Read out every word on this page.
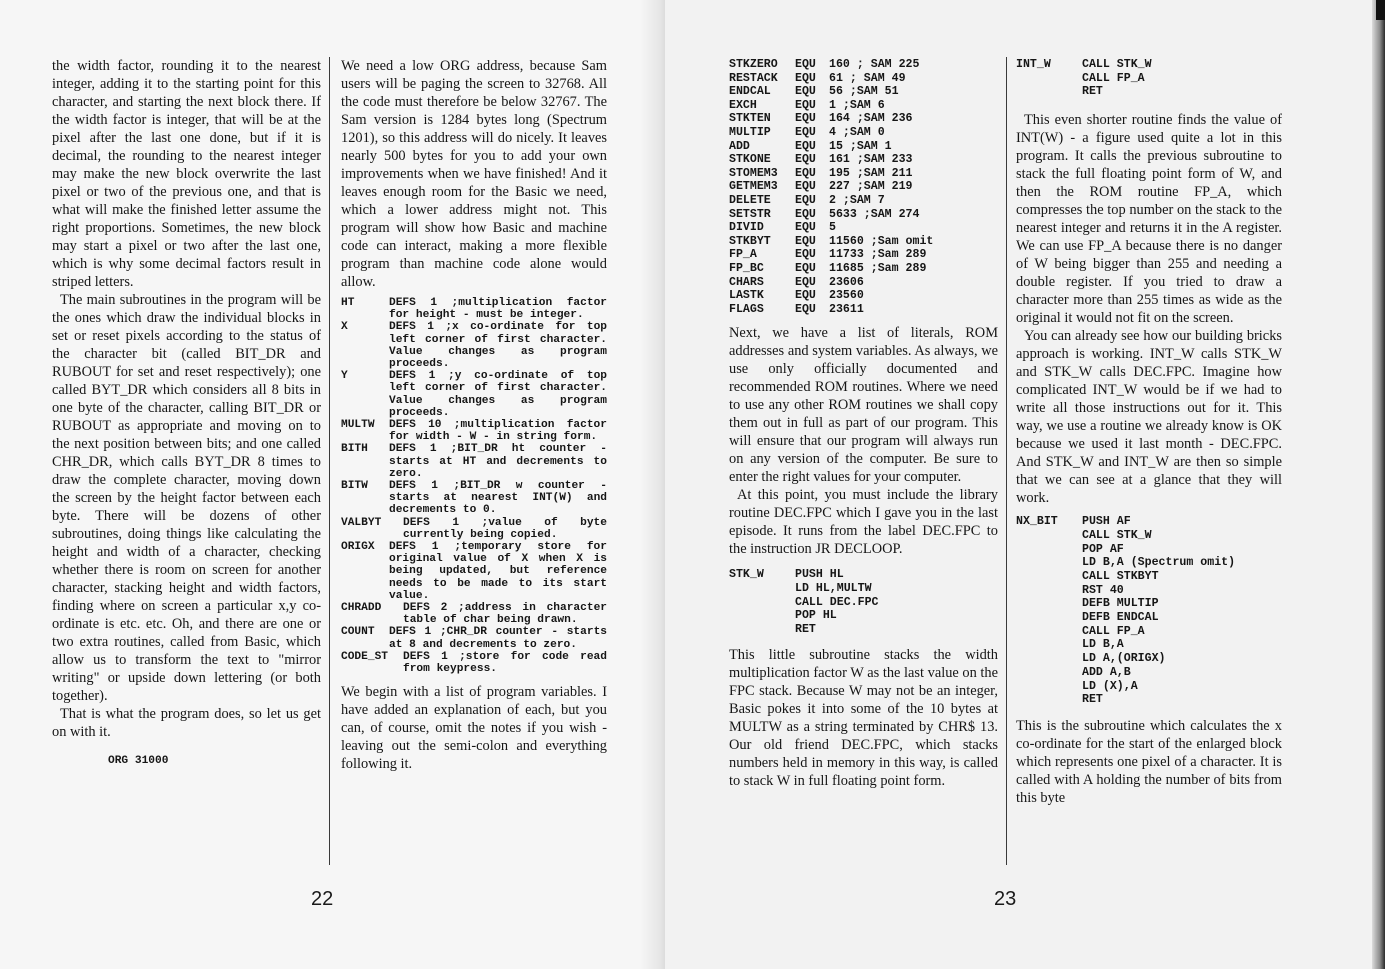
the width factor, rounding it to the nearest integer, adding it to the starting point for this character, and starting the next block there. If the width factor is integer, that will be at the pixel after the last one done, but if it is decimal, the rounding to the nearest integer may make the new block overwrite the last pixel or two of the previous one, and that is what will make the finished letter assume the right proportions. Sometimes, the new block may start a pixel or two after the last one, which is why some decimal factors result in striped letters.

The main subroutines in the program will be the ones which draw the individual blocks in set or reset pixels according to the status of the character bit (called BIT_DR and RUBOUT for set and reset respectively); one called BYT_DR which considers all 8 bits in one byte of the character, calling BIT_DR or RUBOUT as appropriate and moving on to the next position between bits; and one called CHR_DR, which calls BYT_DR 8 times to draw the complete character, moving down the screen by the height factor between each byte. There will be dozens of other subroutines, doing things like calculating the height and width of a character, checking whether there is room on screen for another character, stacking height and width factors, finding where on screen a particular x,y co-ordinate is etc. etc. Oh, and there are one or two extra routines, called from Basic, which allow us to transform the text to "mirror writing" or upside down lettering (or both together).

That is what the program does, so let us get on with it.

ORG 31000

We need a low ORG address, because Sam users will be paging the screen to 32768. All the code must therefore be below 32767. The Sam version is 1284 bytes long (Spectrum 1201), so this address will do nicely. It leaves nearly 500 bytes for you to add your own improvements when we have finished! And it leaves enough room for the Basic we need, which a lower address might not. This program will show how Basic and machine code can interact, making a more flexible program than machine code alone would allow.

HT	DEFS 1 ;multiplication factor for height - must be integer.
X	DEFS 1 ;x co-ordinate for top left corner of first character. Value changes as program proceeds.
Y	DEFS 1 ;y co-ordinate of top left corner of first character. Value changes as program proceeds.
MULTW	DEFS 10 ;multiplication factor for width - W - in string form.
BITH	DEFS 1 ;BIT_DR ht counter - starts at HT and decrements to zero.
BITW	DEFS 1 ;BIT_DR w counter - starts at nearest INT(W) and decrements to 0.
VALBYT	DEFS 1 ;value of byte currently being copied.
ORIGX	DEFS 1 ;temporary store for original value of X when X is being updated, but reference needs to be made to its start value.
CHRADD	DEFS 2 ;address in character table of char being drawn.
COUNT	DEFS 1 ;CHR_DR counter - starts at 8 and decrements to zero.
CODE_ST	DEFS 1 ;store for code read from keypress.

We begin with a list of program variables. I have added an explanation of each, but you can, of course, omit the notes if you wish - leaving out the semi-colon and everything following it.

22
STKZERO	EQU	160 ; SAM 225
RESTACK	EQU	61 ; SAM 49
ENDCAL	EQU	56 ;SAM 51
EXCH	EQU	1 ;SAM 6
STKTEN	EQU	164 ;SAM 236
MULTIP	EQU	4 ;SAM 0
ADD	EQU	15 ;SAM 1
STKONE	EQU	161 ;SAM 233
STOMEM3	EQU	195 ;SAM 211
GETMEM3	EQU	227 ;SAM 219
DELETE	EQU	2 ;SAM 7
SETSTR	EQU	5633 ;SAM 274
DIVID	EQU	5
STKBYT	EQU	11560 ;Sam omit
FP_A	EQU	11733 ;Sam 289
FP_BC	EQU	11685 ;Sam 289
CHARS	EQU	23606
LASTK	EQU	23560
FLAGS	EQU	23611

Next, we have a list of literals, ROM addresses and system variables. As always, we use only officially documented and recommended ROM routines. Where we need to use any other ROM routines we shall copy them out in full as part of our program. This will ensure that our program will always run on any version of the computer. Be sure to enter the right values for your computer.

At this point, you must include the library routine DEC.FPC which I gave you in the last episode. It runs from the label DEC.FPC to the instruction JR DECLOOP.

STK_W	PUSH HL
LD HL,MULTW
CALL DEC.FPC
POP HL
RET

This little subroutine stacks the width multiplication factor W as the last value on the FPC stack. Because W may not be an integer, Basic pokes it into some of the 10 bytes at MULTW as a string terminated by CHR$ 13. Our old friend DEC.FPC, which stacks numbers held in memory in this way, is called to stack W in full floating point form.

INT_W	CALL STK_W
CALL FP_A
RET

This even shorter routine finds the value of INT(W) - a figure used quite a lot in this program. It calls the previous subroutine to stack the full floating point form of W, and then the ROM routine FP_A, which compresses the top number on the stack to the nearest integer and returns it in the A register. We can use FP_A because there is no danger of W being bigger than 255 and needing a double register. If you tried to draw a character more than 255 times as wide as the original it would not fit on the screen.

You can already see how our building bricks approach is working. INT_W calls STK_W and STK_W calls DEC.FPC. Imagine how complicated INT_W would be if we had to write all those instructions out for it. This way, we use a routine we already know is OK because we used it last month - DEC.FPC. And STK_W and INT_W are then so simple that we can see at a glance that they will work.

NX_BIT	PUSH AF
CALL STK_W
POP AF
LD B,A (Spectrum omit)
CALL STKBYT
RST 40
DEFB MULTIP
DEFB ENDCAL
CALL FP_A
LD B,A
LD A,(ORIGX)
ADD A,B
LD (X),A
RET

This is the subroutine which calculates the x co-ordinate for the start of the enlarged block which represents one pixel of a character. It is called with A holding the number of bits from this byte

23
